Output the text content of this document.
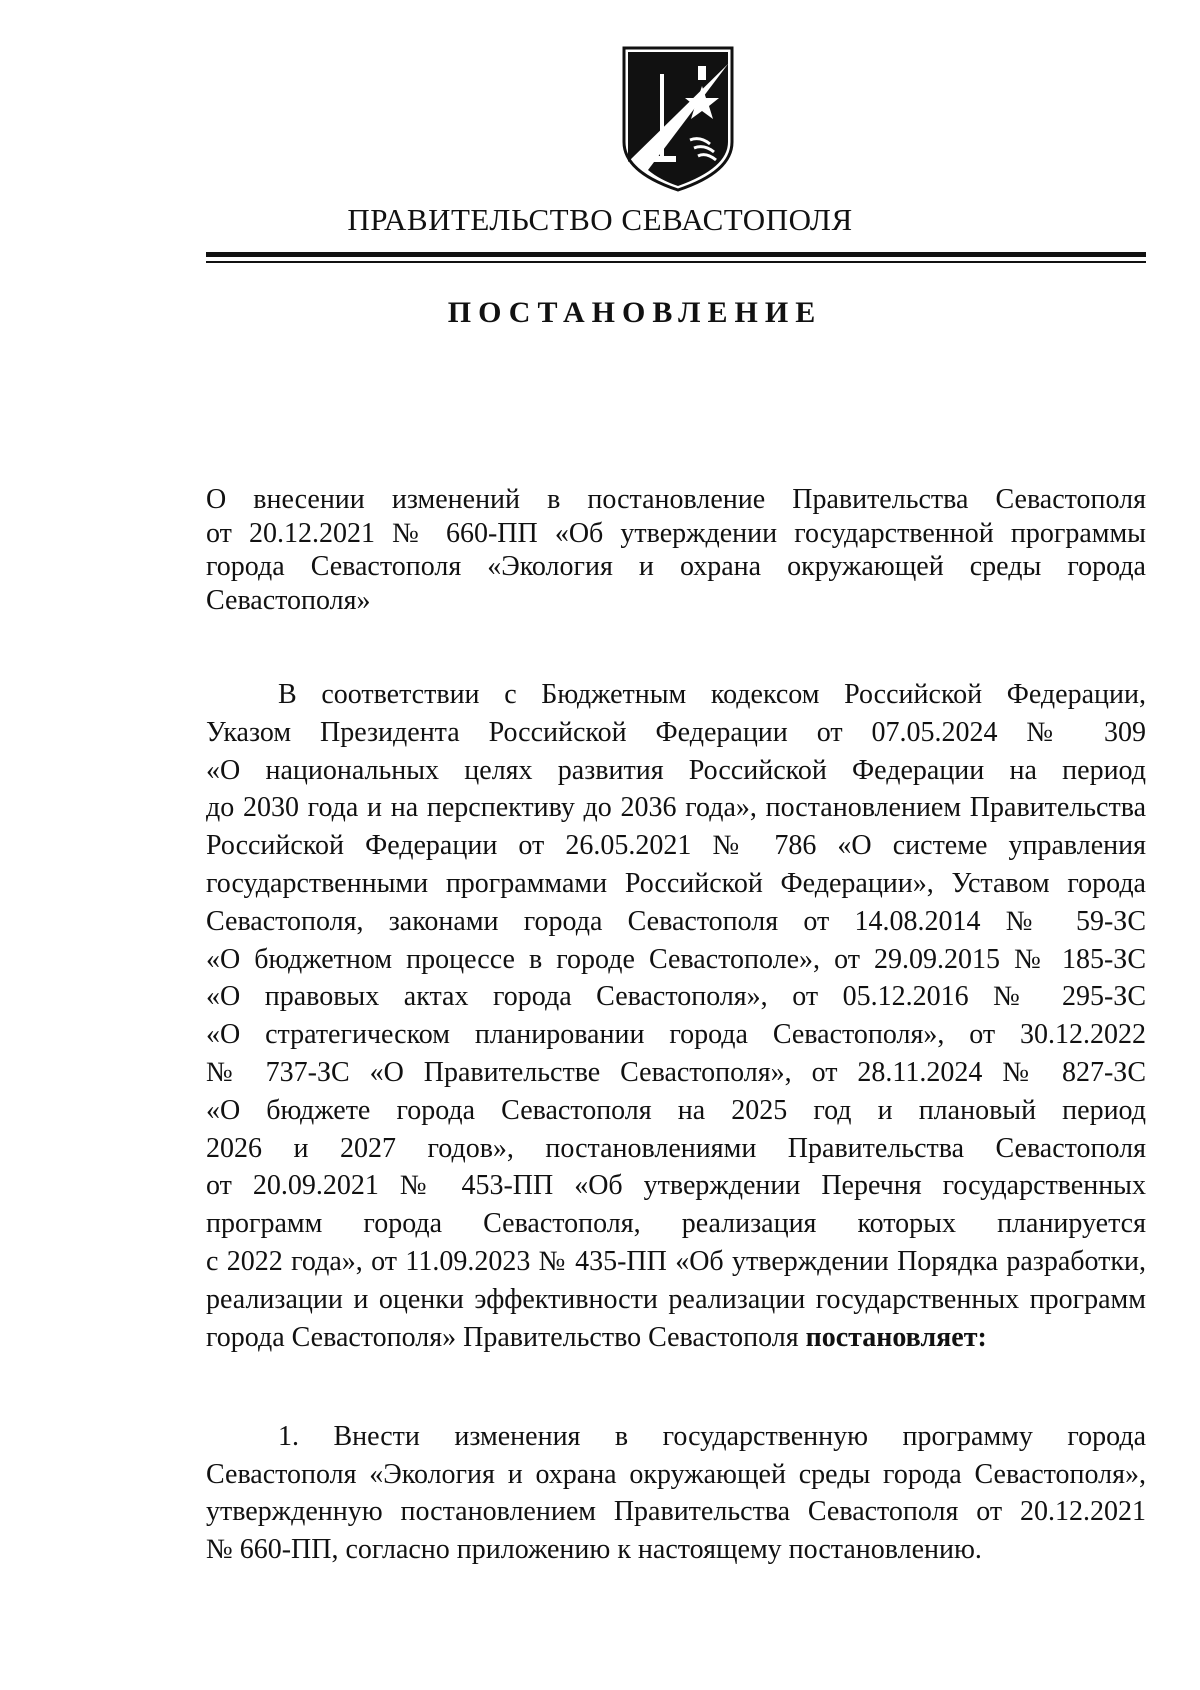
ПРАВИТЕЛЬСТВО СЕВАСТОПОЛЯ
ПОСТАНОВЛЕНИЕ

О внесении изменений в постановление Правительства Севастополя
от 20.12.2021 № 660-ПП «Об утверждении государственной программы
города Севастополя «Экология и охрана окружающей среды города
Севастополя»

В соответствии с Бюджетным кодексом Российской Федерации,
Указом Президента Российской Федерации от 07.05.2024 № 309
«О национальных целях развития Российской Федерации на период
до 2030 года и на перспективу до 2036 года», постановлением Правительства
Российской Федерации от 26.05.2021 № 786 «О системе управления
государственными программами Российской Федерации», Уставом города
Севастополя, законами города Севастополя от 14.08.2014 № 59-ЗС
«О бюджетном процессе в городе Севастополе», от 29.09.2015 № 185-ЗС
«О правовых актах города Севастополя», от 05.12.2016 № 295-ЗС
«О стратегическом планировании города Севастополя», от 30.12.2022
№ 737-ЗС «О Правительстве Севастополя», от 28.11.2024 № 827-ЗС
«О бюджете города Севастополя на 2025 год и плановый период
2026 и 2027 годов», постановлениями Правительства Севастополя
от 20.09.2021 № 453-ПП «Об утверждении Перечня государственных
программ города Севастополя, реализация которых планируется
с 2022 года», от 11.09.2023 № 435-ПП «Об утверждении Порядка разработки,
реализации и оценки эффективности реализации государственных программ
города Севастополя» Правительство Севастополя постановляет:

1. Внести изменения в государственную программу города
Севастополя «Экология и охрана окружающей среды города Севастополя»,
утвержденную постановлением Правительства Севастополя от 20.12.2021
№ 660-ПП, согласно приложению к настоящему постановлению.
